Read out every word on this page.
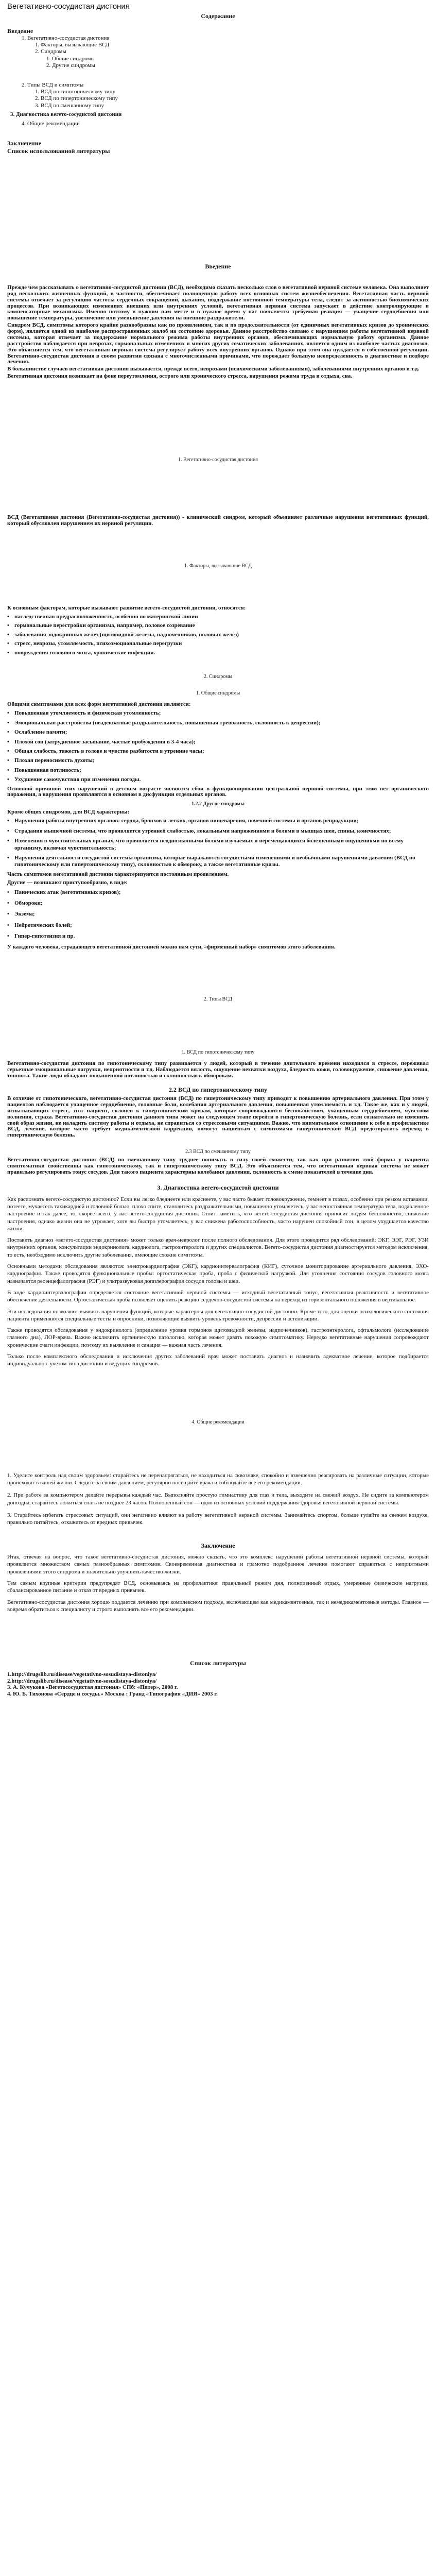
Вегетативно-сосудистая дистония
Содержание
Введение
1. Вегетативно-сосудистая дистония
1. Факторы, вызывающие ВСД
2. Синдромы
1. Общие синдромы
2. Другие синдромы
2. Типы ВСД и симптомы
1. ВСД по гипотоническому типу
2. ВСД по гипертоническому типу
3. ВСД по смешанному типу
3. Диагностика вегето-сосудистой дистонии
4. Общие рекомендации
Заключение
Список использованной литературы
Введение
Прежде чем рассказывать о вегетативно-сосудистой дистонии (ВСД), необходимо сказать несколько слов о вегетативной нервной системе человека. Она выполняет ряд нескольких жизненных функций, в частности, обеспечивает полноценную работу всех основных систем жизнеобеспечения. Вегетативная часть нервной системы отвечает за регуляцию частоты сердечных сокращений, дыхания, поддержание постоянной температуры тела, следит за активностью биохимических процессов. При возникающих изменениях внешних или внутренних условий, вегетативная нервная система запускает в действие контролирующие и компенсаторные механизмы. Именно поэтому в нужном нам месте и в нужное время у нас появляется требуемая реакция — учащение сердцебиения или повышение температуры, увеличение или уменьшение давления на внешние раздражители.
Синдром ВСД, симптомы которого крайне разнообразны как по проявлениям, так и по продолжительности (от единичных вегетативных кризов до хронических форм), является одной из наиболее распространенных жалоб на состояние здоровья. Данное расстройство связано с нарушением работы вегетативной нервной системы, которая отвечает за поддержание нормального режима работы внутренних органов, обеспечивающих нормальную работу организма. Данное расстройство наблюдается при неврозах, гормональных изменениях и многих других соматических заболеваниях, является одним из наиболее частых диагнозов. Это объясняется тем, что вегетативная нервная система регулирует работу всех внутренних органов. Однако при этом она нуждается в собственной регуляции. Вегетативно-сосудистая дистония в своем развитии связана с многочисленными причинами, что порождает большую неопределенность в диагностике и подборе лечения.
В большинстве случаев вегетативная дистония вызывается, прежде всего, неврозами (психическими заболеваниями), заболеваниями внутренних органов и т.д.
Вегетативная дистония возникает на фоне переутомления, острого или хронического стресса, нарушения режима труда и отдыха, сна.
1. Вегетативно-сосудистая дистония
ВСД (Вегетативная дистония (Вегетативно-сосудистая дистония)) - клинический синдром, который объединяет различные нарушения вегетативных функций, который обусловлен нарушением их нервной регуляции.
1. Факторы, вызывающие ВСД
К основным факторам, которые вызывают развитие вегето-сосудистой дистонии, относятся:
• наследственная предрасположенность, особенно по материнской линии
• гормональные перестройки организма, например, половое созревание
• заболевания эндокринных желез (щитовидной железы, надпочечников, половых желез)
• стресс, неврозы, утомляемость, психоэмоциональные перегрузки
• повреждения головного мозга, хронические инфекции.
2. Синдромы
1. Общие синдромы
Общими симптомами для всех форм вегетативной дистонии являются:
• Повышенная утомляемость и физическая утомленность;
• Эмоциональная расстройства (неадекватные раздражительность, повышенная тревожность, склонность к депрессии);
• Ослабление памяти;
• Плохой сон (затрудненное засыпание, частые пробуждения в 3-4 часа);
• Общая слабость, тяжесть в голове и чувство разбитости в утренние часы;
• Плохая переносимость духоты;
• Повышенная потливость;
• Ухудшение самочувствия при изменении погоды.
Основной причиной этих нарушений в детском возрасте являются сбои в функционировании центральной нервной системы, при этом нет органического поражения, а нарушения проявляются в основном в дисфункции отдельных органов.
1.2.2 Другие синдромы
Кроме общих синдромов, для ВСД характерны:
• Нарушения работы внутренних органов: сердца, бронхов и легких, органов пищеварения, почечной системы и органов репродукции;
• Страдания мышечной системы, что проявляется утренней слабостью, локальными напряжениями и болями в мышцах шеи, спины, конечностях;
• Изменения в чувствительных органах, что проявляется неоднозначными болями изучаемых и перемещающихся болезненными ощущениями по всему организму, включая чувствительность;
• Нарушения деятельности сосудистой системы организма, которые выражаются сосудистыми изменениями и необычными нарушениями давления (ВСД по гипотоническому или гипертоническому типу), склонностью к обмороку, а также вегетативные кризы.
Часть симптомов вегетативной дистонии характеризуются постоянным проявлением.
Другие — возникают приступообразно, в виде:
• Панических атак (вегетативных кризов);
• Обмороки;
• Экзема;
• Нейротических болей;
• Гипер-гипотензия и пр.
У каждого человека, страдающего вегетативной дистонией можно нам сути, «фирменный набор» симптомов этого заболевания.
2. Типы ВСД
1. ВСД по гипотоническому типу
Вегетативно-сосудистая дистония по гипотоническому типу развивается у людей, который в течение длительного времени находился в стрессе, переживал серьезные эмоциональные нагрузки, неприятности и т.д. Наблюдается вялость, ощущение нехватки воздуха, бледность кожи, головокружение, снижение давления, тошнота. Такие люди обладают повышенной потливостью и склонностью к обморокам.
2.2 ВСД по гипертоническому типу
В отличие от гипотонического, вегетативно-сосудистая дистония (ВСД) по гипертоническому типу приводит к повышению артериального давления. При этом у пациентов наблюдается учащенное сердцебиение, головные боли, колебания артериального давления, повышенная утомляемость и т.д. Такое же, как и у людей, испытывающих стресс, этот пациент, склонен к гипертоническим кризам, которые сопровождаются беспокойством, учащенным сердцебиением, чувством волнения, страха. Вегетативно-сосудистая дистония данного типа может на следующем этапе перейти в гипертоническую болезнь, если сознательно не изменить свой образ жизни, не наладить систему работы и отдыха, не справиться со стрессовыми ситуациями. Важно, что внимательное отношение к себе в профилактике ВСД, лечение, которое часто требует медикаментозной коррекции, помогут пациентам с симптомами гипертонической ВСД предотвратить переход в гипертоническую болезнь.
2.3 ВСД по смешанному типу
Вегетативно-сосудистая дистония (ВСД) по смешанному типу труднее понимать в силу своей схожести, так как при развитии этой формы у пациента симптоматики свойственны как гипотоническому, так и гипертоническому типу ВСД. Это объясняется тем, что вегетативная нервная система не может правильно регулировать тонус сосудов. Для такого пациента характерны колебания давления, склонность к смене показателей в течение дня.
3. Диагностика вегето-сосудистой дистонии
Как распознать вегето-сосудистую дистонию? Если вы легко бледнеете или краснеете, у вас часто бывает головокружение, темнеет в глазах, особенно при резком вставании, потеете, мучаетесь тахикардией и головной болью, плохо спите, становитесь раздражительными, повышенно утомляетесь, у вас непостоянная температура тела, подавленное настроение и так далее, то, скорее всего, у вас вегето-сосудистая дистония. Стоит заметить, что вегето-сосудистая дистония приносит людям беспокойство, снижение настроения, однако жизни она не угрожает, хотя вы быстро утомляетесь, у вас снижена работоспособность, часто нарушен спокойный сон, в целом ухудшается качество жизни.
Поставить диагноз «вегето-сосудистая дистония» может только врач-невролог после полного обследования. Для этого проводится ряд обследований: ЭКГ, ЭЭГ, РЭГ, УЗИ внутренних органов, консультации эндокринолога, кардиолога, гастроэнтеролога и других специалистов. Вегето-сосудистая дистония диагностируется методом исключения, то есть, необходимо исключить другие заболевания, имеющие схожие симптомы.
Основными методами обследования являются: электрокардиография (ЭКГ), кардиоинтервалография (КИГ), суточное мониторирование артериального давления, ЭХО-кардиография. Также проводятся функциональные пробы: ортостатическая проба, проба с физической нагрузкой. Для уточнения состояния сосудов головного мозга назначается реоэнцефалография (РЭГ) и ультразвуковая допплерография сосудов головы и шеи.
В ходе кардиоинтервалографии определяется состояние вегетативной нервной системы — исходный вегетативный тонус, вегетативная реактивность и вегетативное обеспечение деятельности. Ортостатическая проба позволяет оценить реакцию сердечно-сосудистой системы на переход из горизонтального положения в вертикальное.
Эти исследования позволяют выявить нарушения функций, которые характерны для вегетативно-сосудистой дистонии. Кроме того, для оценки психологического состояния пациента применяются специальные тесты и опросники, позволяющие выявить уровень тревожности, депрессии и астенизации.
Также проводятся обследования у эндокринолога (определение уровня гормонов щитовидной железы, надпочечников), гастроэнтеролога, офтальмолога (исследование глазного дна), ЛОР-врача. Важно исключить органическую патологию, которая может давать похожую симптоматику. Нередко вегетативные нарушения сопровождают хронические очаги инфекции, поэтому их выявление и санация — важная часть лечения.
Только после комплексного обследования и исключения других заболеваний врач может поставить диагноз и назначить адекватное лечение, которое подбирается индивидуально с учетом типа дистонии и ведущих синдромов.
4. Общие рекомендации
1. Уделите контроль над своим здоровьем: старайтесь не перенапрягаться, не находиться на сквозняке, спокойно и взвешенно реагировать на различные ситуации, которые происходят в вашей жизни. Следите за своим давлением, регулярно посещайте врача и соблюдайте все его рекомендации.
2. При работе за компьютером делайте перерывы каждый час. Выполняйте простую гимнастику для глаз и тела, выходите на свежий воздух. Не сидите за компьютером допоздна, старайтесь ложиться спать не позднее 23 часов. Полноценный сон — одно из основных условий поддержания здоровья вегетативной нервной системы.
3. Старайтесь избегать стрессовых ситуаций, они негативно влияют на работу вегетативной нервной системы. Занимайтесь спортом, больше гуляйте на свежем воздухе, правильно питайтесь, откажитесь от вредных привычек.
Заключение
Итак, отвечая на вопрос, что такое вегетативно-сосудистая дистония, можно сказать, что это комплекс нарушений работы вегетативной нервной системы, который проявляется множеством самых разнообразных симптомов. Своевременная диагностика и грамотно подобранное лечение помогают справиться с неприятными проявлениями этого синдрома и значительно улучшить качество жизни.
Тем самым крупные критерии предупредят ВСД, основываясь на профилактике: правильный режим дня, полноценный отдых, умеренные физические нагрузки, сбалансированное питание и отказ от вредных привычек.
Вегетативно-сосудистая дистония хорошо поддается лечению при комплексном подходе, включающем как медикаментозные, так и немедикаментозные методы. Главное — вовремя обратиться к специалисту и строго выполнять все его рекомендации.
Список литературы
1.http://drugslib.ru/disease/vegetativno-sosudistaya-distoniya/
2.http://drugslib.ru/disease/vegetativno-sosudistaya-distoniya/
3. А. Кучукова «Вегетососудистая дистония» СПб: «Питер», 2008 г.
4. Ю. Б. Тихонова «Сердце и сосуды.» Москва : Гранд «Типография «ДИЯ» 2003 г.
